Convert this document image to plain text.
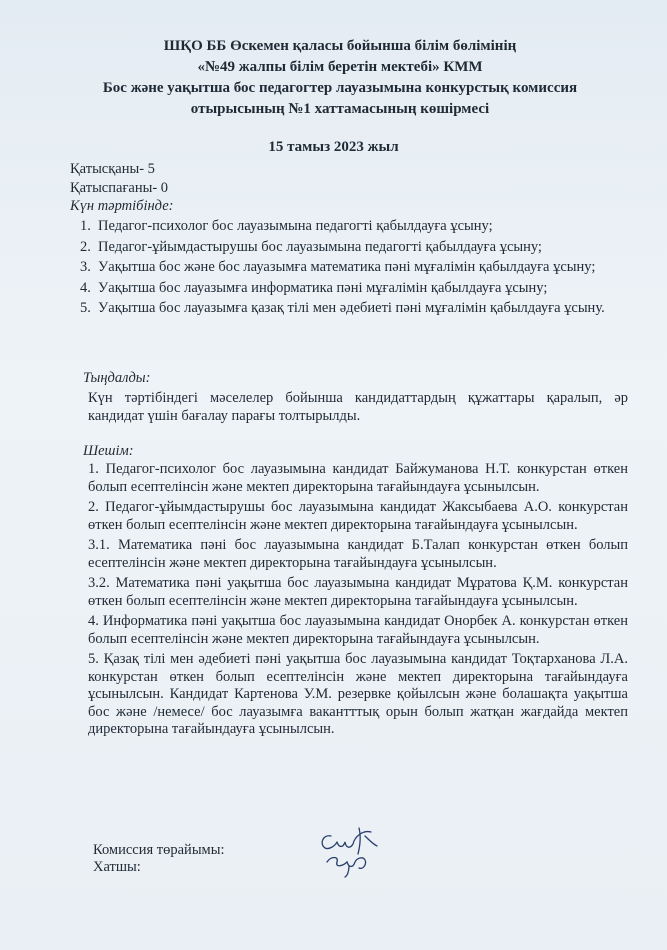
ШҚО ББ Өскемен қаласы бойынша білім бөлімінің
«№49 жалпы білім беретін мектебі» КММ
Бос және уақытша бос педагогтер лауазымына конкурстық комиссия
отырысының №1 хаттамасының көшірмесі
15 тамыз 2023 жыл
Қатысқаны- 5
Қатыспағаны- 0
Күн тәртібінде:
1. Педагог-психолог бос лауазымына педагогті қабылдауға ұсыну;
2. Педагог-ұйымдастырушы бос лауазымына педагогті қабылдауға ұсыну;
3. Уақытша бос және бос лауазымға математика пәні мұғалімін қабылдауға ұсыну;
4. Уақытша бос лауазымға информатика пәні мұғалімін қабылдауға ұсыну;
5. Уақытша бос лауазымға қазақ тілі мен әдебиеті пәні мұғалімін қабылдауға ұсыну.
Тыңдалды:
Күн тәртібіндегі мәселелер бойынша кандидаттардың құжаттары қаралып, әр кандидат үшін бағалау парағы толтырылды.
Шешім:
1. Педагог-психолог бос лауазымына кандидат Байжуманова Н.Т. конкурстан өткен болып есептелінсін және мектеп директорына тағайындауға ұсынылсын.
2. Педагог-ұйымдастырушы бос лауазымына кандидат Жаксыбаева А.О. конкурстан өткен болып есептелінсін және мектеп директорына тағайындауға ұсынылсын.
3.1. Математика пәні бос лауазымына кандидат Б.Талап конкурстан өткен болып есептелінсін және мектеп директорына тағайындауға ұсынылсын.
3.2. Математика пәні уақытша бос лауазымына кандидат Мұратова Қ.М. конкурстан өткен болып есептелінсін және мектеп директорына тағайындауға ұсынылсын.
4. Информатика пәні уақытша бос лауазымына кандидат Онорбек А. конкурстан өткен болып есептелінсін және мектеп директорына тағайындауға ұсынылсын.
5. Қазақ тілі мен әдебиеті пәні уақытша бос лауазымына кандидат Тоқтарханова Л.А. конкурстан өткен болып есептелінсін және мектеп директорына тағайындауға ұсынылсын. Кандидат Картенова У.М. резервке қойылсын және болашақта уақытша бос және /немесе/ бос лауазымға вакантттық орын болып жатқан жағдайда мектеп директорына тағайындауға ұсынылсын.
Комиссия төрайымы:
Хатшы:
